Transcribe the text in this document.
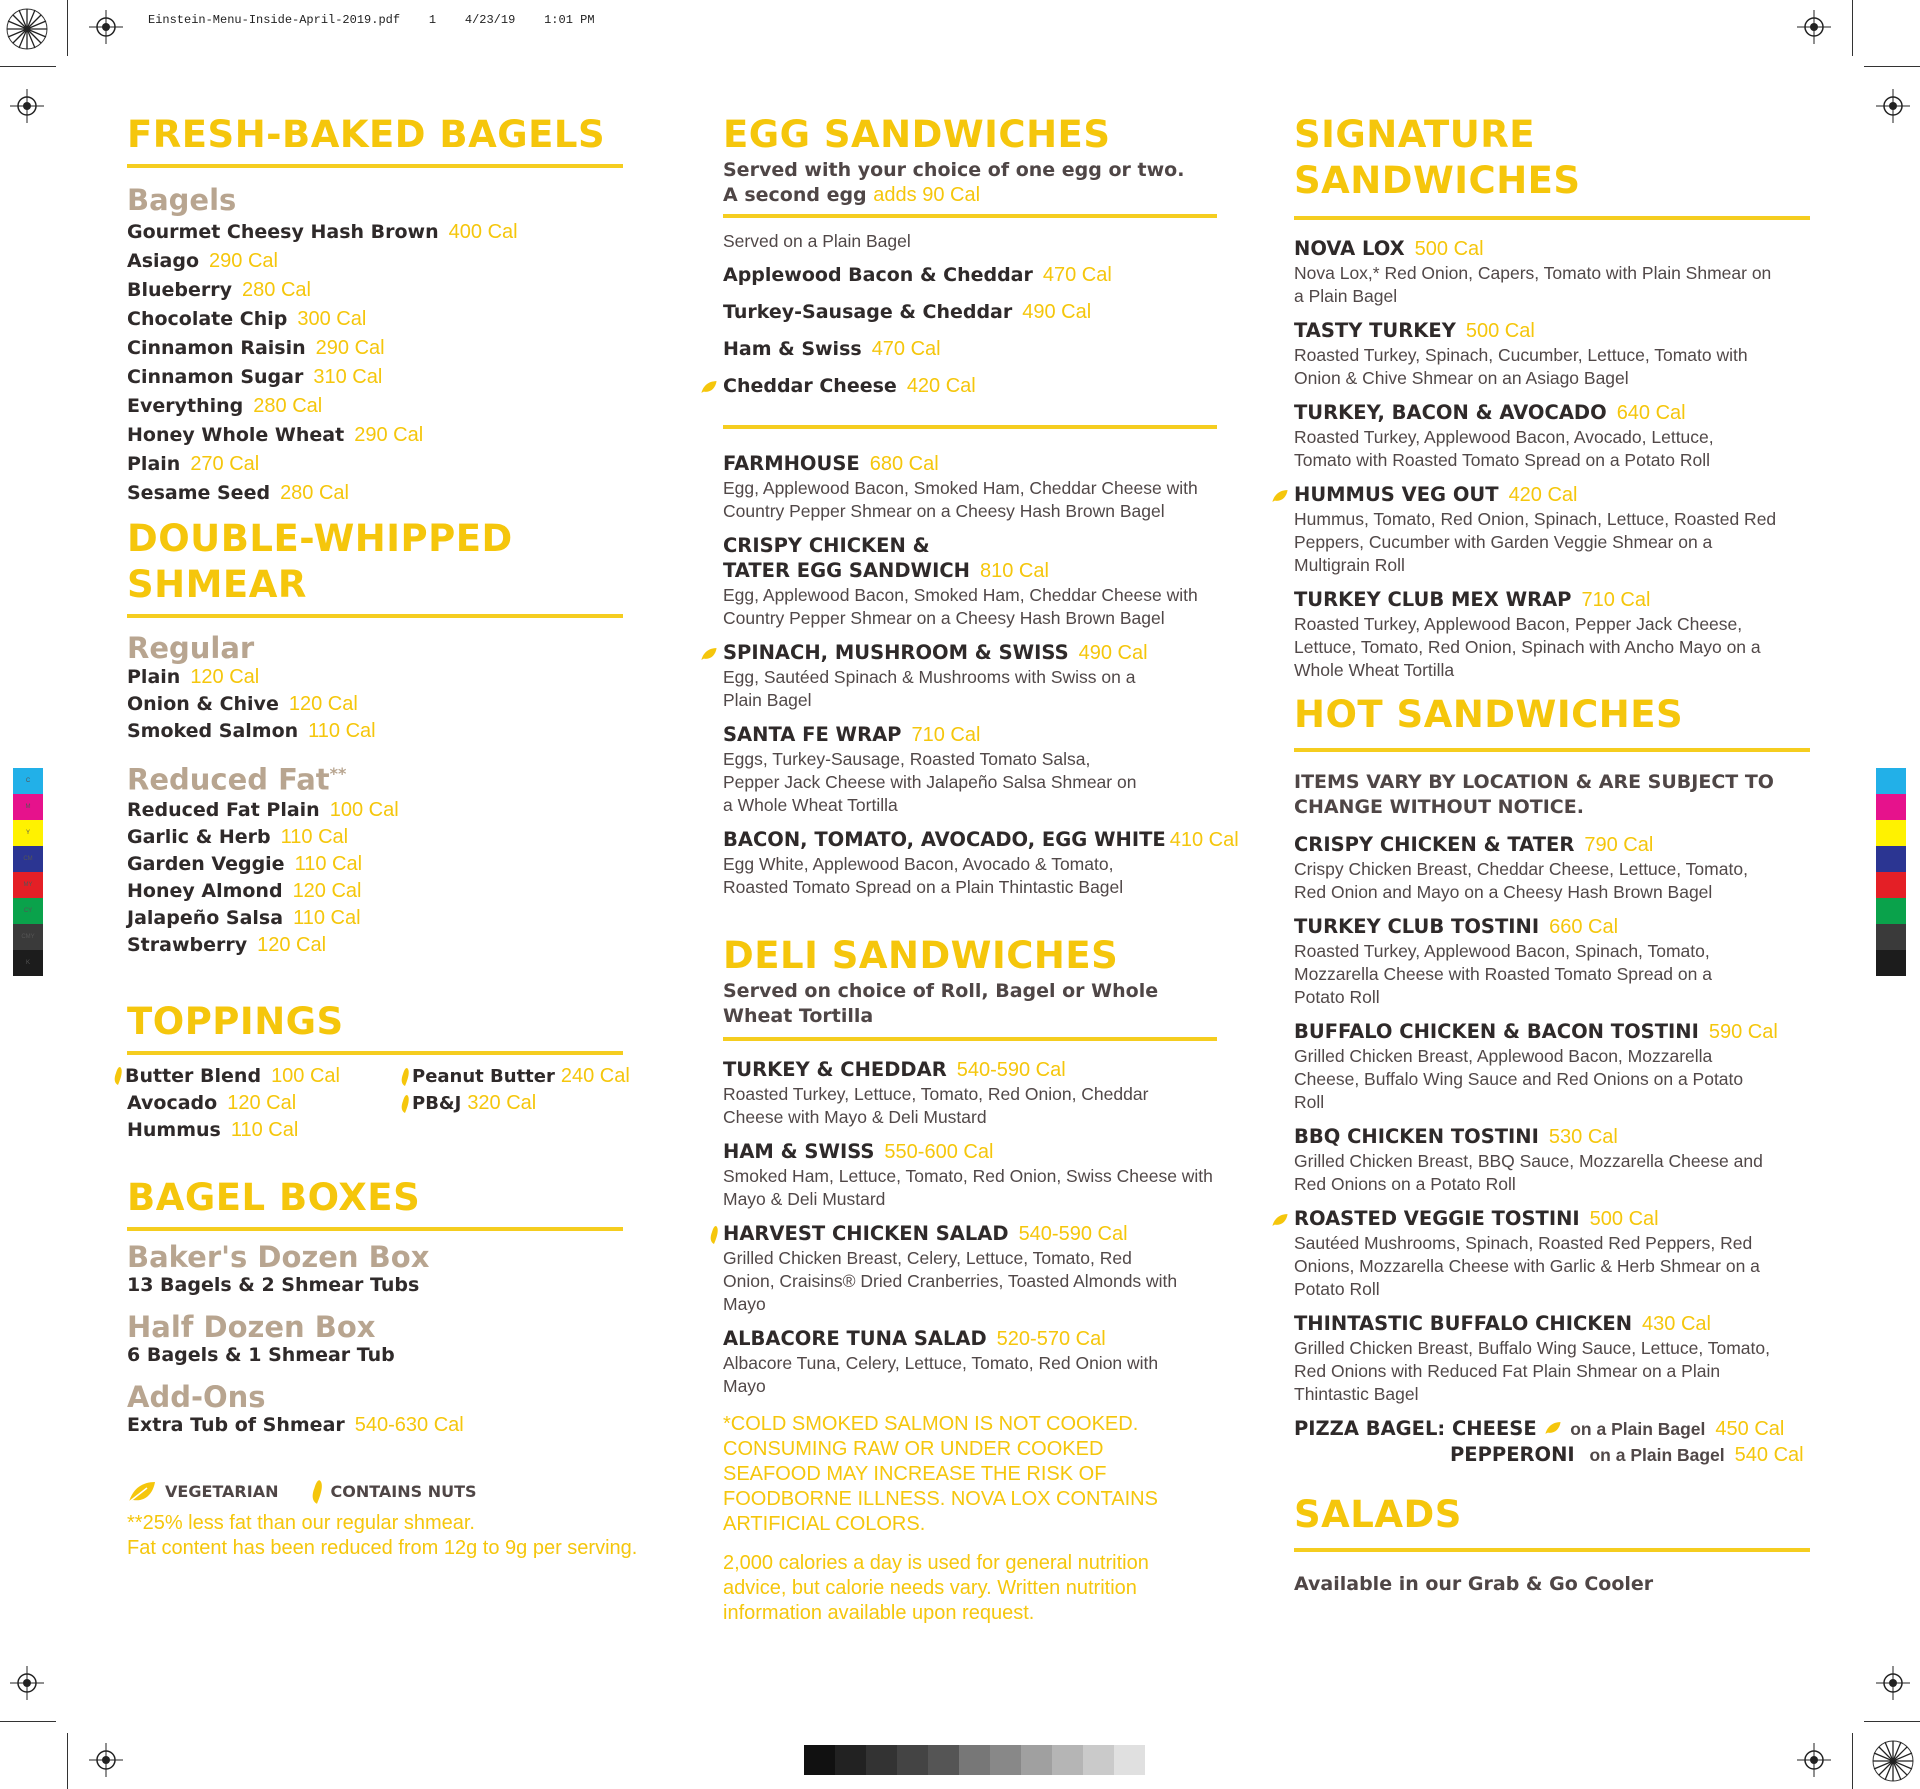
Einstein-Menu-Inside-April-2019.pdf 1 4/23/19 1:01 PM
C
M
Y
CM
MY
CY
CMY
K
FRESH-BAKED BAGELS
Bagels
Gourmet Cheesy Hash Brown 400 Cal
Asiago 290 Cal
Blueberry 280 Cal
Chocolate Chip 300 Cal
Cinnamon Raisin 290 Cal
Cinnamon Sugar 310 Cal
Everything 280 Cal
Honey Whole Wheat 290 Cal
Plain 270 Cal
Sesame Seed 280 Cal
DOUBLE-WHIPPED
SHMEAR
Regular
Plain 120 Cal
Onion & Chive 120 Cal
Smoked Salmon 110 Cal
Reduced Fat**
Reduced Fat Plain 100 Cal
Garlic & Herb 110 Cal
Garden Veggie 110 Cal
Honey Almond 120 Cal
Jalapeño Salsa 110 Cal
Strawberry 120 Cal
TOPPINGS
Butter Blend 100 Cal
Avocado 120 Cal
Hummus 110 Cal
Peanut Butter 240 Cal
PB&J 320 Cal
BAGEL BOXES
Baker's Dozen Box
13 Bagels & 2 Shmear Tubs
Half Dozen Box
6 Bagels & 1 Shmear Tub
Add-Ons
Extra Tub of Shmear 540-630 Cal
VEGETARIAN	CONTAINS NUTS
**25% less fat than our regular shmear.
Fat content has been reduced from 12g to 9g per serving.
EGG SANDWICHES
Served with your choice of one egg or two.
A second egg adds 90 Cal
Served on a Plain Bagel
Applewood Bacon & Cheddar 470 Cal
Turkey-Sausage & Cheddar 490 Cal
Ham & Swiss 470 Cal
Cheddar Cheese 420 Cal
FARMHOUSE 680 Cal
Egg, Applewood Bacon, Smoked Ham, Cheddar Cheese with Country Pepper Shmear on a Cheesy Hash Brown Bagel
CRISPY CHICKEN &
TATER EGG SANDWICH 810 Cal
Egg, Applewood Bacon, Smoked Ham, Cheddar Cheese with Country Pepper Shmear on a Cheesy Hash Brown Bagel
SPINACH, MUSHROOM & SWISS 490 Cal
Egg, Sautéed Spinach & Mushrooms with Swiss on a Plain Bagel
SANTA FE WRAP 710 Cal
Eggs, Turkey-Sausage, Roasted Tomato Salsa, Pepper Jack Cheese with Jalapeño Salsa Shmear on a Whole Wheat Tortilla
BACON, TOMATO, AVOCADO, EGG WHITE 410 Cal
Egg White, Applewood Bacon, Avocado & Tomato, Roasted Tomato Spread on a Plain Thintastic Bagel
DELI SANDWICHES
Served on choice of Roll, Bagel or Whole Wheat Tortilla
TURKEY & CHEDDAR 540-590 Cal
Roasted Turkey, Lettuce, Tomato, Red Onion, Cheddar Cheese with Mayo & Deli Mustard
HAM & SWISS 550-600 Cal
Smoked Ham, Lettuce, Tomato, Red Onion, Swiss Cheese with Mayo & Deli Mustard
HARVEST CHICKEN SALAD 540-590 Cal
Grilled Chicken Breast, Celery, Lettuce, Tomato, Red Onion, Craisins® Dried Cranberries, Toasted Almonds with Mayo
ALBACORE TUNA SALAD 520-570 Cal
Albacore Tuna, Celery, Lettuce, Tomato, Red Onion with Mayo
*COLD SMOKED SALMON IS NOT COOKED. CONSUMING RAW OR UNDER COOKED SEAFOOD MAY INCREASE THE RISK OF FOODBORNE ILLNESS. NOVA LOX CONTAINS ARTIFICIAL COLORS.
2,000 calories a day is used for general nutrition advice, but calorie needs vary. Written nutrition information available upon request.
SIGNATURE
SANDWICHES
NOVA LOX 500 Cal
Nova Lox,* Red Onion, Capers, Tomato with Plain Shmear on a Plain Bagel
TASTY TURKEY 500 Cal
Roasted Turkey, Spinach, Cucumber, Lettuce, Tomato with Onion & Chive Shmear on an Asiago Bagel
TURKEY, BACON & AVOCADO 640 Cal
Roasted Turkey, Applewood Bacon, Avocado, Lettuce, Tomato with Roasted Tomato Spread on a Potato Roll
HUMMUS VEG OUT 420 Cal
Hummus, Tomato, Red Onion, Spinach, Lettuce, Roasted Red Peppers, Cucumber with Garden Veggie Shmear on a Multigrain Roll
TURKEY CLUB MEX WRAP 710 Cal
Roasted Turkey, Applewood Bacon, Pepper Jack Cheese, Lettuce, Tomato, Red Onion, Spinach with Ancho Mayo on a Whole Wheat Tortilla
HOT SANDWICHES
ITEMS VARY BY LOCATION & ARE SUBJECT TO CHANGE WITHOUT NOTICE.
CRISPY CHICKEN & TATER 790 Cal
Crispy Chicken Breast, Cheddar Cheese, Lettuce, Tomato, Red Onion and Mayo on a Cheesy Hash Brown Bagel
TURKEY CLUB TOSTINI 660 Cal
Roasted Turkey, Applewood Bacon, Spinach, Tomato, Mozzarella Cheese with Roasted Tomato Spread on a Potato Roll
BUFFALO CHICKEN & BACON TOSTINI 590 Cal
Grilled Chicken Breast, Applewood Bacon, Mozzarella Cheese, Buffalo Wing Sauce and Red Onions on a Potato Roll
BBQ CHICKEN TOSTINI 530 Cal
Grilled Chicken Breast, BBQ Sauce, Mozzarella Cheese and Red Onions on a Potato Roll
ROASTED VEGGIE TOSTINI 500 Cal
Sautéed Mushrooms, Spinach, Roasted Red Peppers, Red Onions, Mozzarella Cheese with Garlic & Herb Shmear on a Potato Roll
THINTASTIC BUFFALO CHICKEN 430 Cal
Grilled Chicken Breast, Buffalo Wing Sauce, Lettuce, Tomato, Red Onions with Reduced Fat Plain Shmear on a Plain Thintastic Bagel
PIZZA BAGEL: CHEESE on a Plain Bagel 450 Cal
PEPPERONI on a Plain Bagel 540 Cal
SALADS
Available in our Grab & Go Cooler
